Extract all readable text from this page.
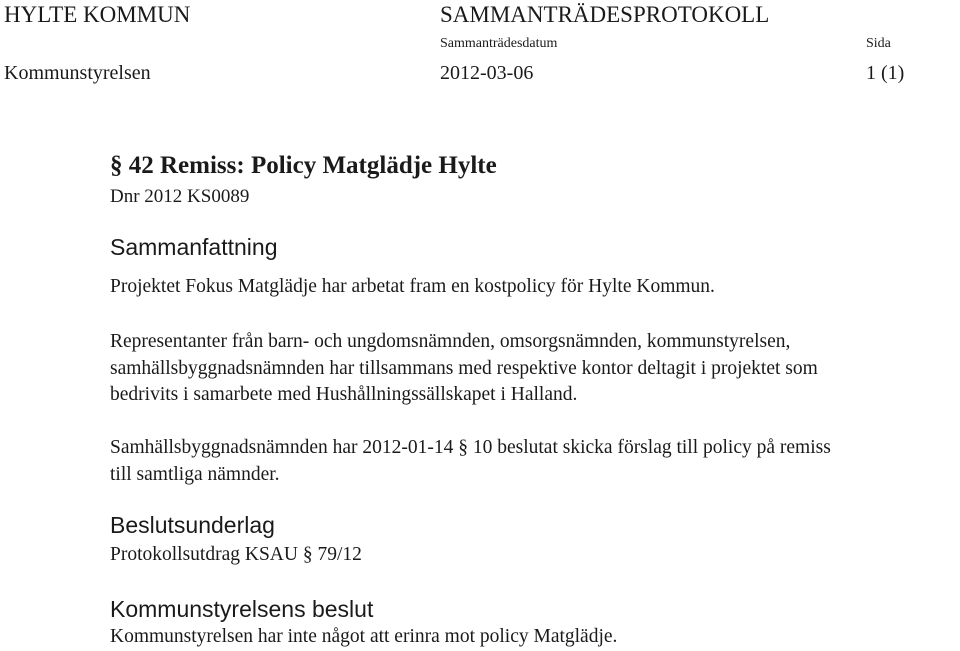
HYLTE KOMMUN	SAMMANTRÄDESPROTOKOLL
Sammanträdesdatum	Sida
Kommunstyrelsen	2012-03-06	1 (1)
§ 42 Remiss: Policy Matglädje Hylte
Dnr 2012 KS0089
Sammanfattning
Projektet Fokus Matglädje har arbetat fram en kostpolicy för Hylte Kommun.
Representanter från barn- och ungdomsnämnden, omsorgsnämnden, kommunstyrelsen,
samhällsbyggnadsnämnden har tillsammans med respektive kontor deltagit i projektet som
bedrivits i samarbete med Hushållningssällskapet i Halland.
Samhällsbyggnadsnämnden har 2012-01-14 § 10 beslutat skicka förslag till policy på remiss
till samtliga nämnder.
Beslutsunderlag
Protokollsutdrag KSAU § 79/12
Kommunstyrelsens beslut
Kommunstyrelsen har inte något att erinra mot policy Matglädje.
